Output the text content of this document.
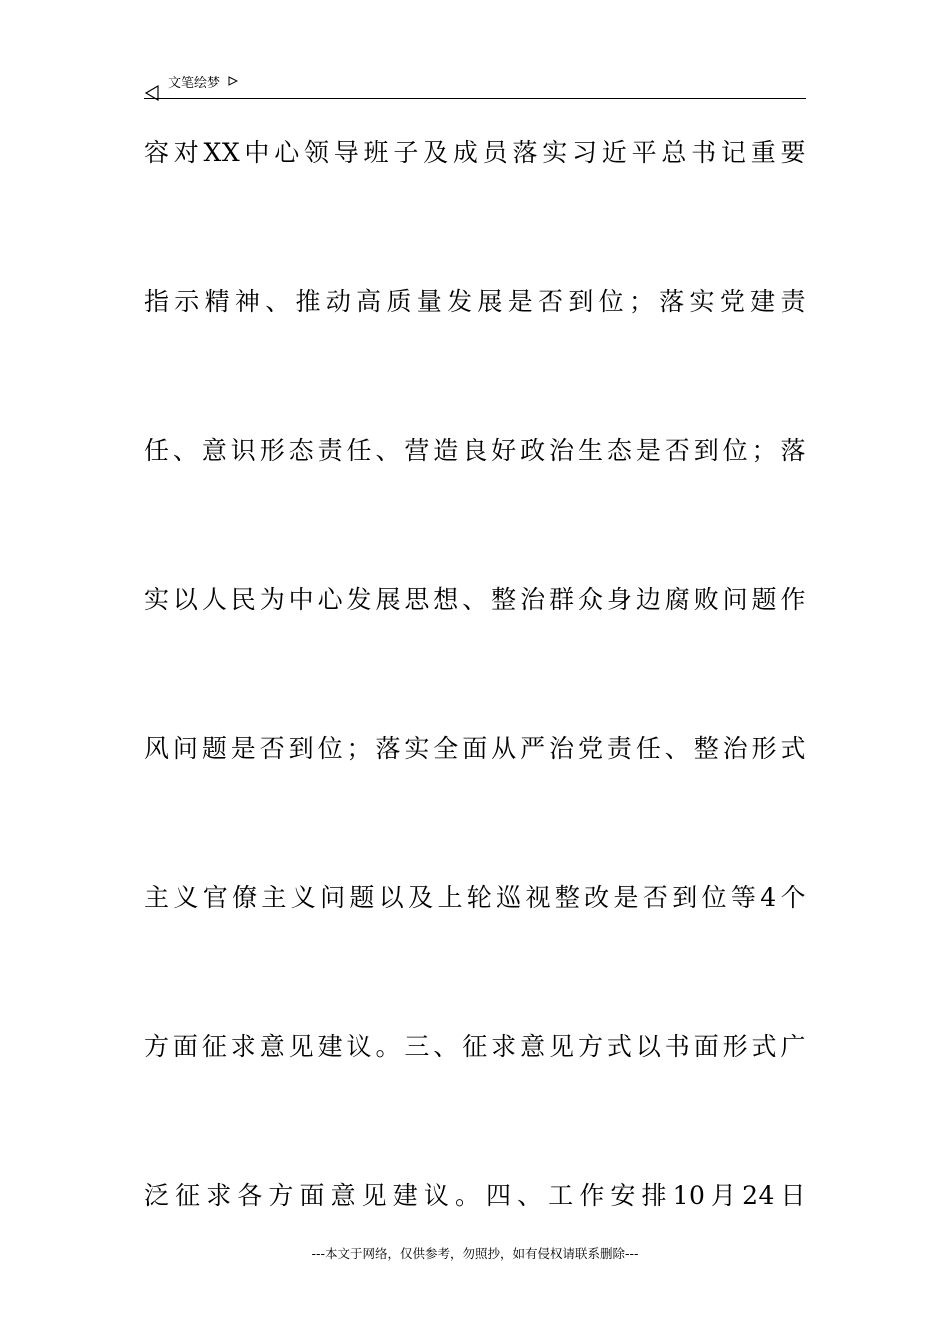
文笔绘梦
容对XX中心领导班子及成员落实习近平总书记重要
指示精神、推动高质量发展是否到位；落实党建责
任、意识形态责任、营造良好政治生态是否到位；落
实以人民为中心发展思想、整治群众身边腐败问题作
风问题是否到位；落实全面从严治党责任、整治形式
主义官僚主义问题以及上轮巡视整改是否到位等4个
方面征求意见建议。三、征求意见方式以书面形式广
泛征求各方面意见建议。四、工作安排10月24日
---本文于网络，仅供参考，勿照抄，如有侵权请联系删除---
